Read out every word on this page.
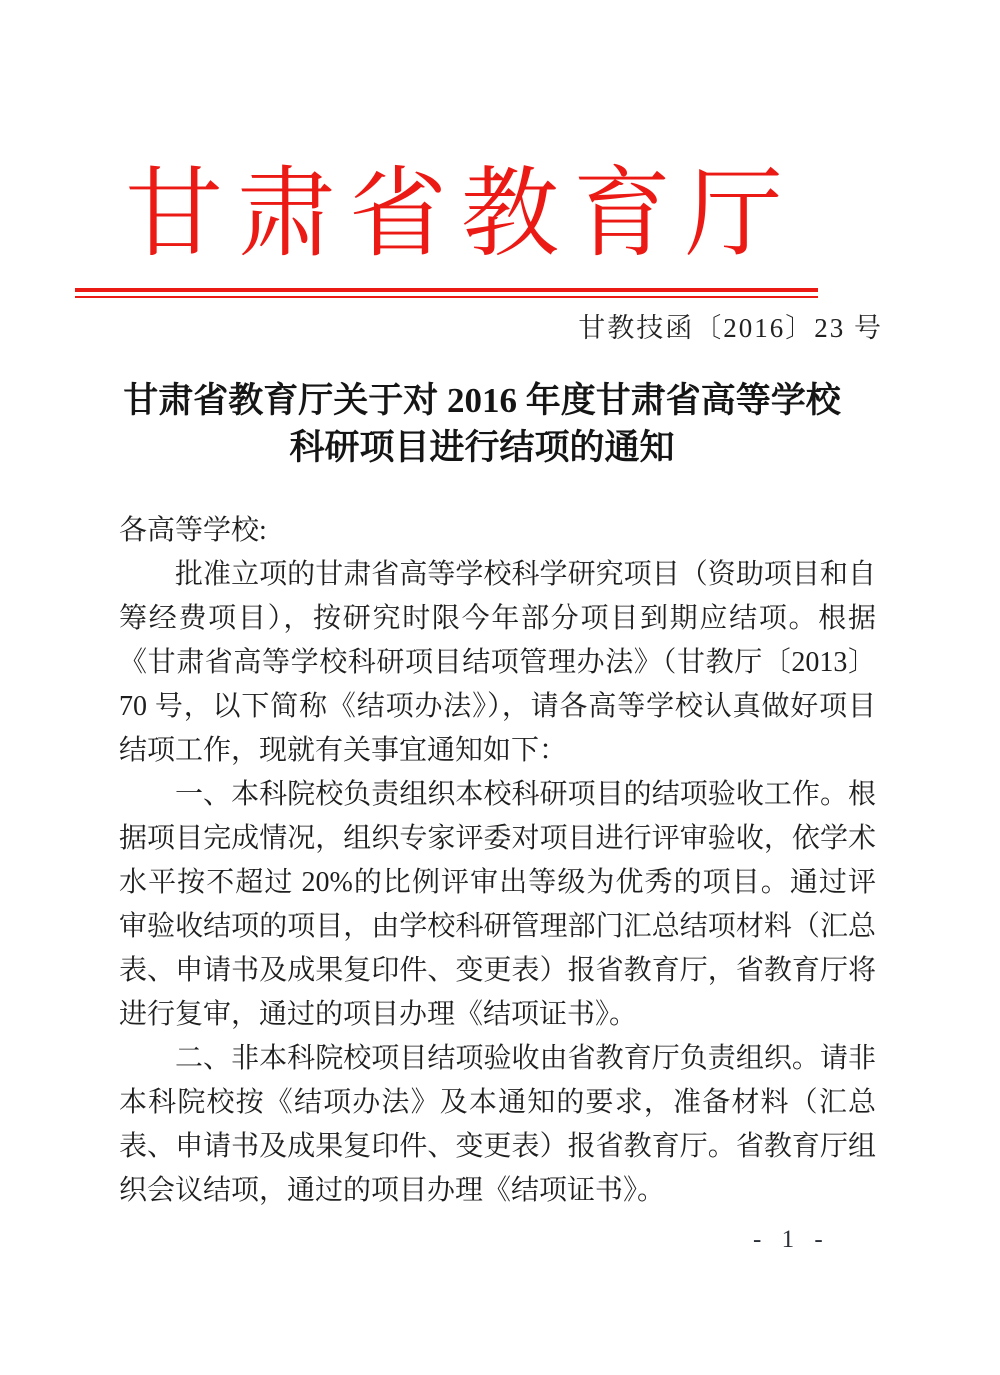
甘肃省教育厅
甘教技函〔2016〕23 号
甘肃省教育厅关于对 2016 年度甘肃省高等学校
科研项目进行结项的通知

各高等学校:

批准立项的甘肃省高等学校科学研究项目（资助项目和自筹经费项目），按研究时限今年部分项目到期应结项。根据《甘肃省高等学校科研项目结项管理办法》（甘教厅〔2013〕70 号，以下简称《结项办法》），请各高等学校认真做好项目结项工作，现就有关事宜通知如下：

一、本科院校负责组织本校科研项目的结项验收工作。根据项目完成情况，组织专家评委对项目进行评审验收，依学术水平按不超过 20%的比例评审出等级为优秀的项目。通过评审验收结项的项目，由学校科研管理部门汇总结项材料（汇总表、申请书及成果复印件、变更表）报省教育厅，省教育厅将进行复审，通过的项目办理《结项证书》。

二、非本科院校项目结项验收由省教育厅负责组织。请非本科院校按《结项办法》及本通知的要求，准备材料（汇总表、申请书及成果复印件、变更表）报省教育厅。省教育厅组织会议结项，通过的项目办理《结项证书》。

- 1 -
